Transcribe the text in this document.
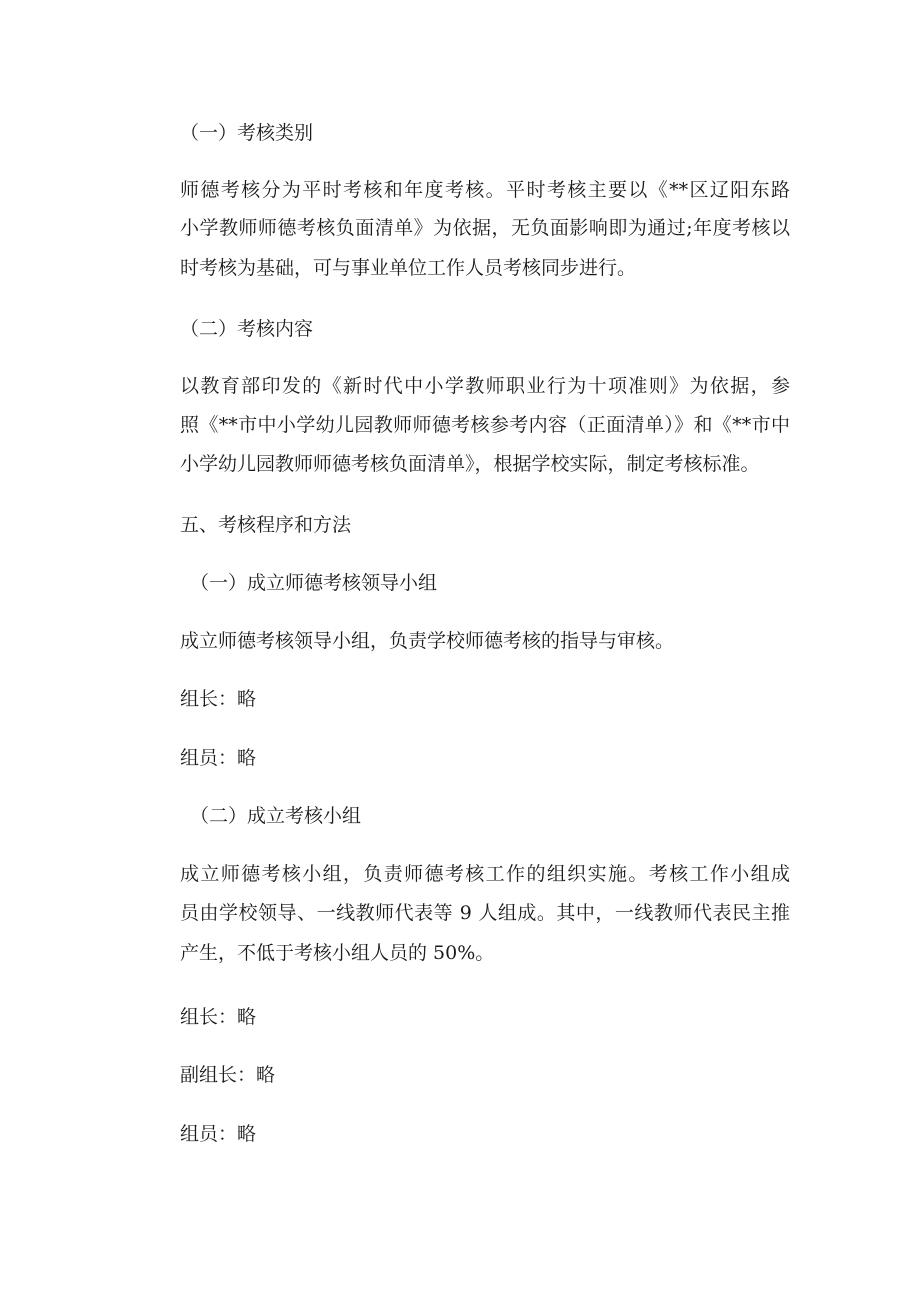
（一）考核类别
师德考核分为平时考核和年度考核。平时考核主要以《**区辽阳东路
小学教师师德考核负面清单》为依据，无负面影响即为通过;年度考核以
时考核为基础，可与事业单位工作人员考核同步进行。
（二）考核内容
以教育部印发的《新时代中小学教师职业行为十项准则》为依据，参
照《**市中小学幼儿园教师师德考核参考内容（正面清单）》和《**市中
小学幼儿园教师师德考核负面清单》，根据学校实际，制定考核标准。
五、考核程序和方法
（一）成立师德考核领导小组
成立师德考核领导小组，负责学校师德考核的指导与审核。
组长：略
组员：略
（二）成立考核小组
成立师德考核小组，负责师德考核工作的组织实施。考核工作小组成
员由学校领导、一线教师代表等 9 人组成。其中，一线教师代表民主推
产生，不低于考核小组人员的 50%。
组长：略
副组长：略
组员：略
